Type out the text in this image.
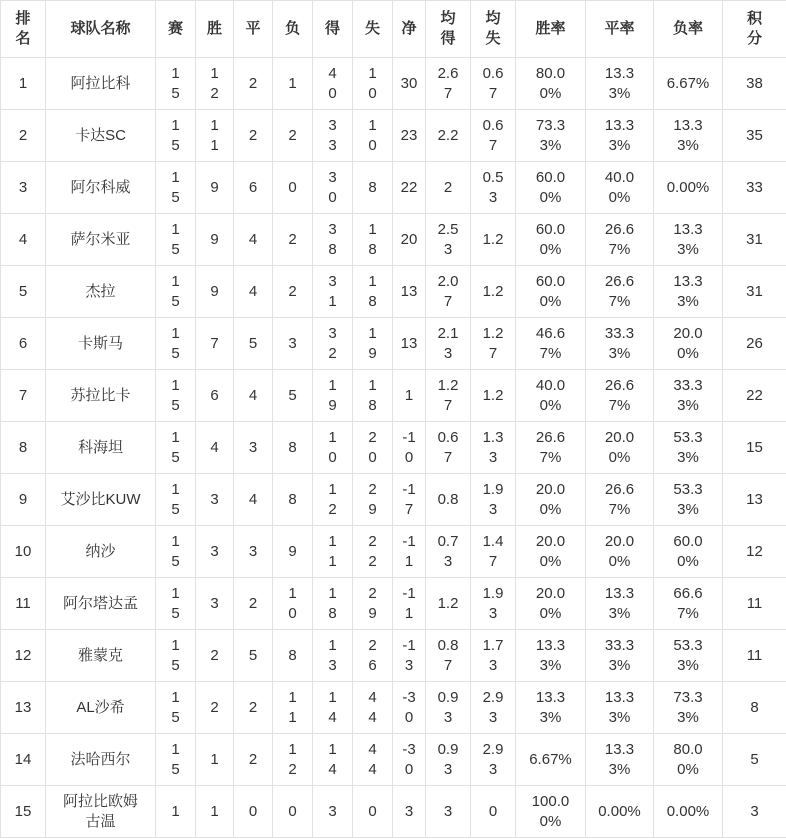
排名	球队名称	赛	胜	平	负	得	失	净	均得	均失	胜率	平率	负率	积分
1	阿拉比科	15	12	2	1	40	10	30	2.67	0.67	80.00%	13.33%	6.67%	38
2	卡达SC	15	11	2	2	33	10	23	2.2	0.67	73.33%	13.33%	13.33%	35
3	阿尔科威	15	9	6	0	30	8	22	2	0.53	60.00%	40.00%	0.00%	33
4	萨尔米亚	15	9	4	2	38	18	20	2.53	1.2	60.00%	26.67%	13.33%	31
5	杰拉	15	9	4	2	31	18	13	2.07	1.2	60.00%	26.67%	13.33%	31
6	卡斯马	15	7	5	3	32	19	13	2.13	1.27	46.67%	33.33%	20.00%	26
7	苏拉比卡	15	6	4	5	19	18	1	1.27	1.2	40.00%	26.67%	33.33%	22
8	科海坦	15	4	3	8	10	20	-10	0.67	1.33	26.67%	20.00%	53.33%	15
9	艾沙比KUW	15	3	4	8	12	29	-17	0.8	1.93	20.00%	26.67%	53.33%	13
10	纳沙	15	3	3	9	11	22	-11	0.73	1.47	20.00%	20.00%	60.00%	12
11	阿尔塔达孟	15	3	2	10	18	29	-11	1.2	1.93	20.00%	13.33%	66.67%	11
12	雅蒙克	15	2	5	8	13	26	-13	0.87	1.73	13.33%	33.33%	53.33%	11
13	AL沙希	15	2	2	11	14	44	-30	0.93	2.93	13.33%	13.33%	73.33%	8
14	法哈西尔	15	1	2	12	14	44	-30	0.93	2.93	6.67%	13.33%	80.00%	5
15	阿拉比欧姆古温	1	1	0	0	3	0	3	3	0	100.00%	0.00%	0.00%	3
